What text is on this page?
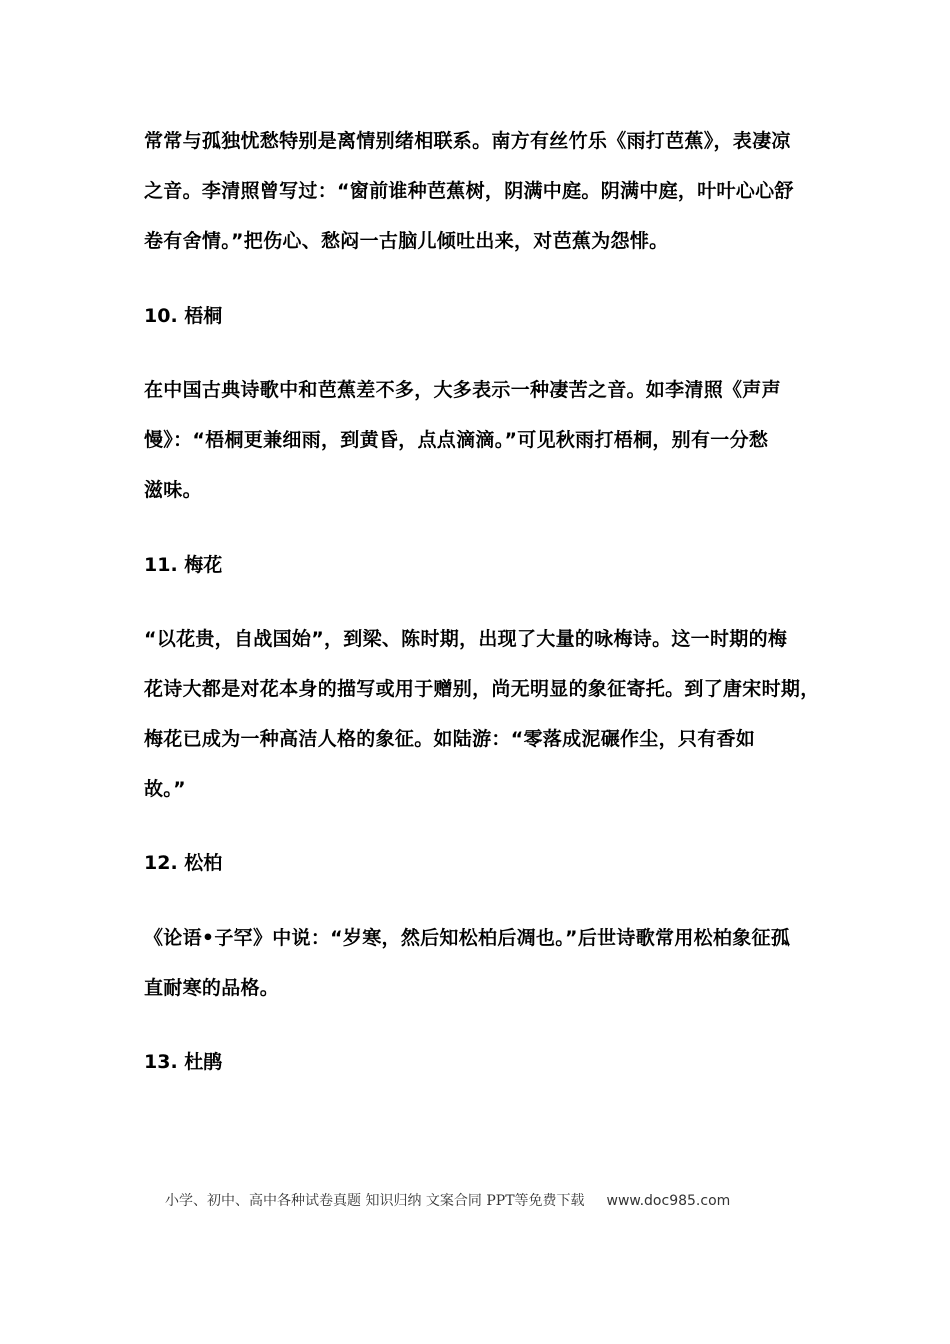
常常与孤独忧愁特别是离情别绪相联系。南方有丝竹乐《雨打芭蕉》，表凄凉
之音。李清照曾写过：“窗前谁种芭蕉树，阴满中庭。阴满中庭，叶叶心心舒
卷有舍情。”把伤心、愁闷一古脑儿倾吐出来，对芭蕉为怨悱。
10. 梧桐
在中国古典诗歌中和芭蕉差不多，大多表示一种凄苦之音。如李清照《声声
慢》：“梧桐更兼细雨，到黄昏，点点滴滴。”可见秋雨打梧桐，别有一分愁
滋味。
11. 梅花
“以花贵，自战国始”，到梁、陈时期，出现了大量的咏梅诗。这一时期的梅
花诗大都是对花本身的描写或用于赠别，尚无明显的象征寄托。到了唐宋时期，
梅花已成为一种高洁人格的象征。如陆游：“零落成泥碾作尘，只有香如
故。”
12. 松柏
《论语•子罕》中说：“岁寒，然后知松柏后凋也。”后世诗歌常用松柏象征孤
直耐寒的品格。
13. 杜鹃
小学、初中、高中各种试卷真题 知识归纳 文案合同 PPT等免费下载 www.doc985.com
